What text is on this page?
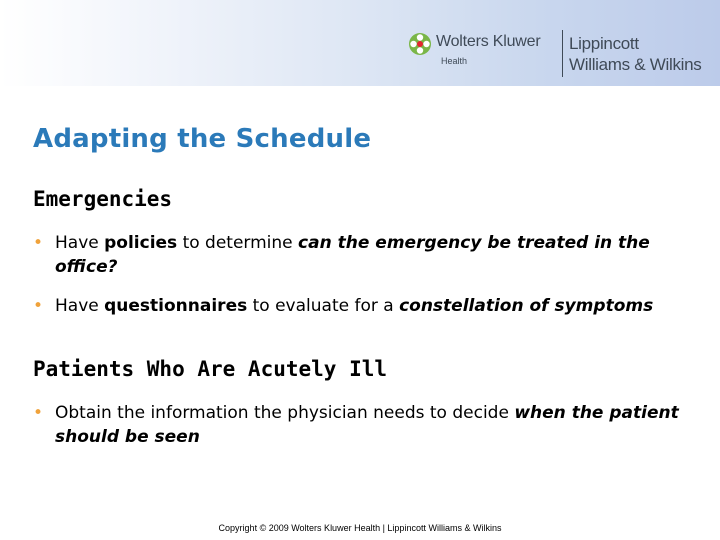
Wolters Kluwer
Health
Lippincott
Williams & Wilkins
Adapting the Schedule
Emergencies
• Have policies to determine can the emergency be treated in the office?
• Have questionnaires to evaluate for a constellation of symptoms
Patients Who Are Acutely Ill
• Obtain the information the physician needs to decide when the patient should be seen
Copyright © 2009 Wolters Kluwer Health | Lippincott Williams & Wilkins
